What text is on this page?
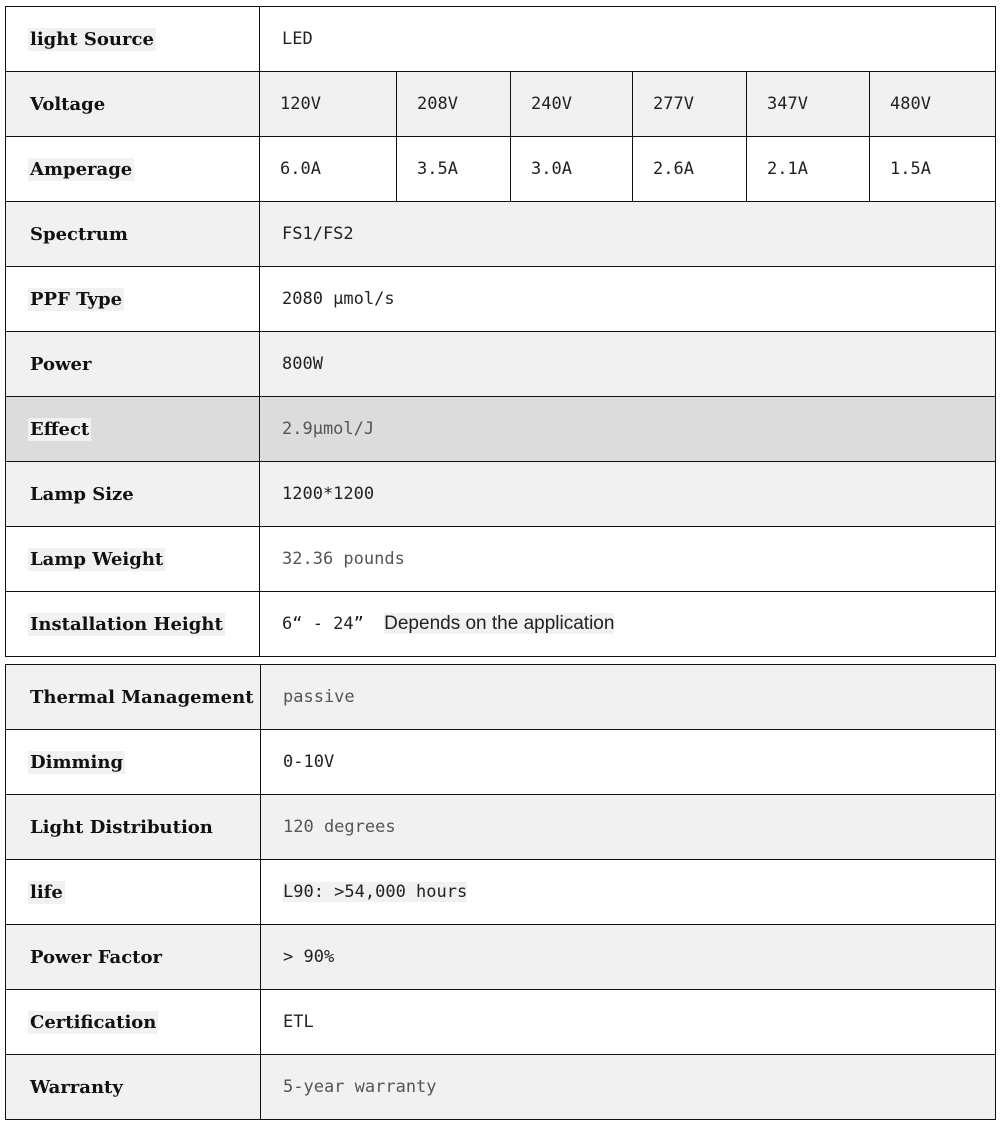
light Source	LED					
Voltage	120V	208V	240V	277V	347V	480V
Amperage	6.0A	3.5A	3.0A	2.6A	2.1A	1.5A
Spectrum	FS1/FS2					
PPF Type	2080 μmol/s					
Power	800W					
Effect	2.9μmol/J					
Lamp Size	1200*1200					
Lamp Weight	32.36 pounds					
Installation Height	6“ - 24” Depends on the application					
Thermal Management	passive
Dimming	0-10V
Light Distribution	120 degrees
life	L90: >54,000 hours
Power Factor	> 90%
Certification	ETL
Warranty	5-year warranty
